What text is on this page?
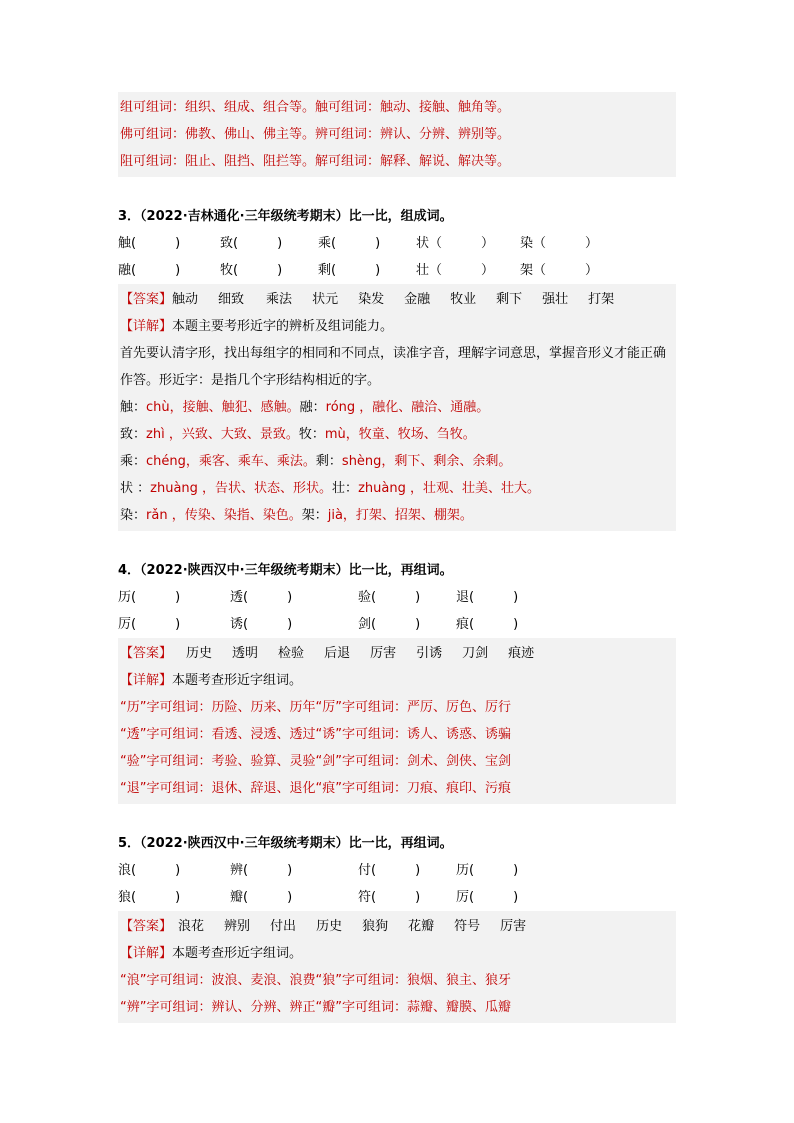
组可组词：组织、组成、组合等。触可组词：触动、接触、触角等。
佛可组词：佛教、佛山、佛主等。辨可组词：辨认、分辨、辨别等。
阻可组词：阻止、阻挡、阻拦等。解可组词：解释、解说、解决等。
3．（2022·吉林通化·三年级统考期末）比一比，组成词。
触(　　　)	致(　　　)	乘(　　　)	状（　　　）	染（　　　）
融(　　　)	牧(　　　)	剩(　　　)	壮（　　　）	架（　　　）
【答案】触动 细致 乘法 状元 染发 金融 牧业 剩下 强壮 打架
【详解】本题主要考形近字的辨析及组词能力。
首先要认清字形，找出每组字的相同和不同点，读准字音，理解字词意思，掌握音形义才能正确作答。形近字：是指几个字形结构相近的字。
触：chù，接触、触犯、感触。融：róng ，融化、融洽、通融。
致：zhì ，兴致、大致、景致。牧：mù，牧童、牧场、刍牧。
乘：chéng，乘客、乘车、乘法。剩：shèng，剩下、剩余、余剩。
状 ：zhuàng ，告状、状态、形状。壮：zhuàng ，壮观、壮美、壮大。
染：rǎn ，传染、染指、染色。架：jià，打架、招架、棚架。
4．（2022·陕西汉中·三年级统考期末）比一比，再组词。
历(　　　)	透(　　　)	验(　　　)	退(　　　)
厉(　　　)	诱(　　　)	剑(　　　)	痕(　　　)
【答案】 历史 透明 检验 后退 厉害 引诱 刀剑 痕迹
【详解】本题考查形近字组词。
“历”字可组词：历险、历来、历年“厉”字可组词：严厉、厉色、厉行
“透”字可组词：看透、浸透、透过“诱”字可组词：诱人、诱惑、诱骗
“验”字可组词：考验、验算、灵验“剑”字可组词：剑术、剑侠、宝剑
“退”字可组词：退休、辞退、退化“痕”字可组词：刀痕、痕印、污痕
5．（2022·陕西汉中·三年级统考期末）比一比，再组词。
浪(　　　)	辨(　　　)	付(　　　)	历(　　　)
狼(　　　)	瓣(　　　)	符(　　　)	厉(　　　)
【答案】 浪花 辨别 付出 历史 狼狗 花瓣 符号 厉害
【详解】本题考查形近字组词。
“浪”字可组词：波浪、麦浪、浪费“狼”字可组词：狼烟、狼主、狼牙
“辨”字可组词：辨认、分辨、辨正“瓣”字可组词：蒜瓣、瓣膜、瓜瓣
